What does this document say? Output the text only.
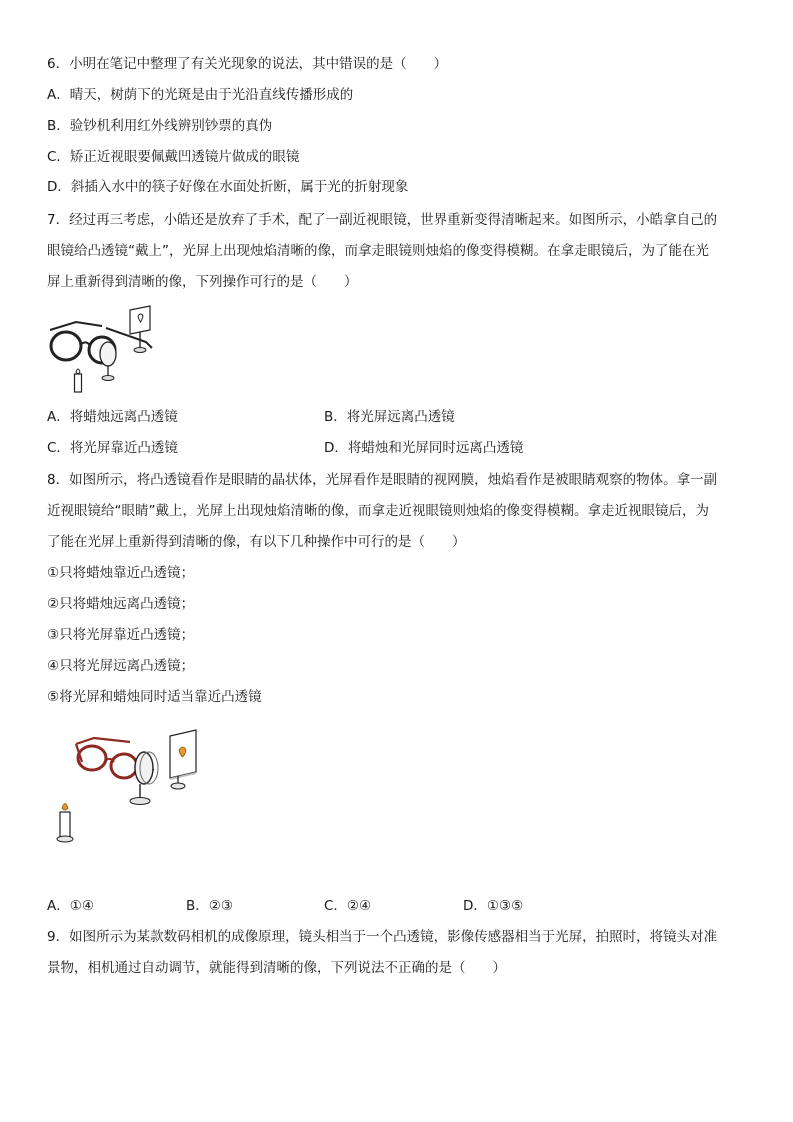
6．小明在笔记中整理了有关光现象的说法，其中错误的是（　　）
A．晴天，树荫下的光斑是由于光沿直线传播形成的
B．验钞机利用红外线辨别钞票的真伪
C．矫正近视眼要佩戴凹透镜片做成的眼镜
D．斜插入水中的筷子好像在水面处折断，属于光的折射现象
7．经过再三考虑，小皓还是放弃了手术，配了一副近视眼镜，世界重新变得清晰起来。如图所示，小皓拿自己的
眼镜给凸透镜“戴上”，光屏上出现烛焰清晰的像，而拿走眼镜则烛焰的像变得模糊。在拿走眼镜后，为了能在光
屏上重新得到清晰的像，下列操作可行的是（　　）
A．将蜡烛远离凸透镜	B．将光屏远离凸透镜
C．将光屏靠近凸透镜	D．将蜡烛和光屏同时远离凸透镜
8．如图所示，将凸透镜看作是眼睛的晶状体，光屏看作是眼睛的视网膜，烛焰看作是被眼睛观察的物体。拿一副
近视眼镜给“眼睛”戴上，光屏上出现烛焰清晰的像，而拿走近视眼镜则烛焰的像变得模糊。拿走近视眼镜后，为
了能在光屏上重新得到清晰的像，有以下几种操作中可行的是（　　）
①只将蜡烛靠近凸透镜；
②只将蜡烛远离凸透镜；
③只将光屏靠近凸透镜；
④只将光屏远离凸透镜；
⑤将光屏和蜡烛同时适当靠近凸透镜
A．①④	B．②③	C．②④	D．①③⑤
9．如图所示为某款数码相机的成像原理，镜头相当于一个凸透镜，影像传感器相当于光屏，拍照时，将镜头对准
景物，相机通过自动调节，就能得到清晰的像，下列说法不正确的是（　　）
